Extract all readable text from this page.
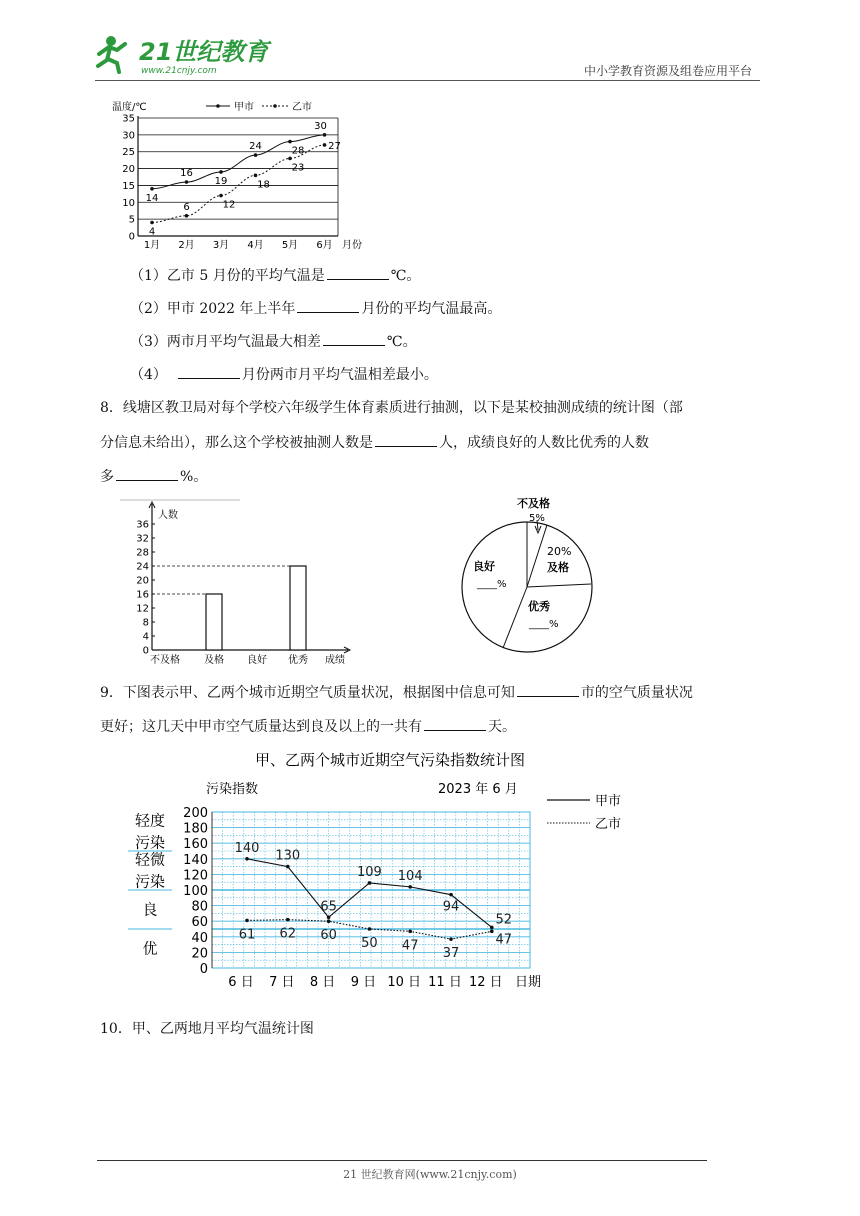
21世纪教育
www.21cnjy.com	中小学教育资源及组卷应用平台
温度/℃	甲市	乙市
0
5
10
15
20
25
30
35
1月 2月 3月 4月 5月 6月 月份
14
16
19
24	28
30
4
6	12
18
23
27
（1）乙市 5 月份的平均气温是	℃。
（2）甲市 2022 年上半年	月份的平均气温最高。
（3）两市月平均气温最大相差	℃。
（4）	月份两市月平均气温相差最小。
8．线塘区教卫局对每个学校六年级学生体育素质进行抽测，以下是某校抽测成绩的统计图（部
分信息未给出），那么这个学校被抽测人数是	人，成绩良好的人数比优秀的人数
多	%。
人数
0
4
8
12
16
20
24
28
32
36
不及格 及格 良好 优秀 成绩
不及格
5%
20%
及格
优秀
____%
良好
____%
9．下图表示甲、乙两个城市近期空气质量状况，根据图中信息可知	市的空气质量状况
更好；这几天中甲市空气质量达到良及以上的一共有	天。
甲、乙两个城市近期空气污染指数统计图
污染指数	2023 年 6 月
甲市
乙市
轻度
污染
轻微
污染
良
优
0
20
40
60
80
100
120
140
160
180
200
6 日 7 日 8 日 9 日 10 日 11 日 12 日 日期
140
130
65
109 104
94
52
61 62 60
50 47
37
47
10．甲、乙两地月平均气温统计图
21 世纪教育网(www.21cnjy.com)
